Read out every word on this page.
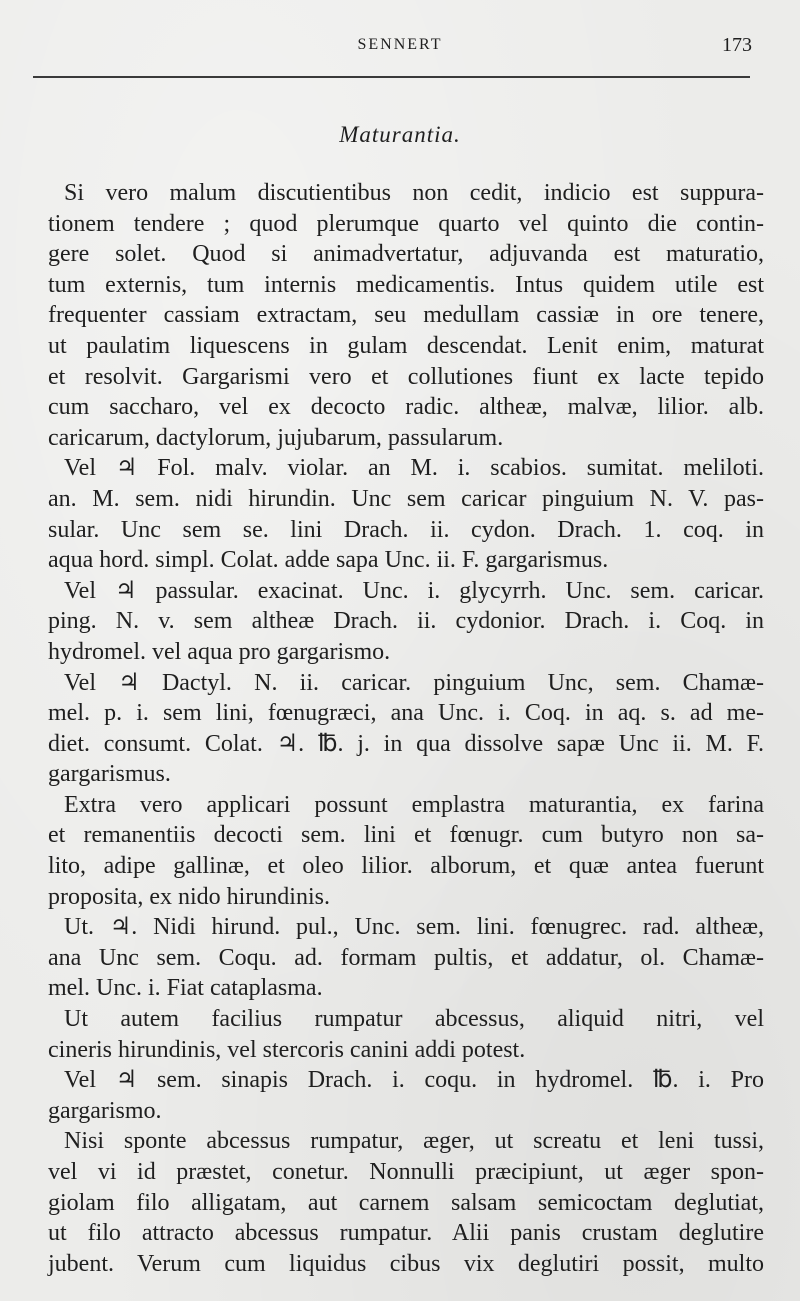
SENNERT	173
Maturantia.
Si vero malum discutientibus non cedit, indicio est suppura-
tionem tendere ; quod plerumque quarto vel quinto die contin-
gere solet. Quod si animadvertatur, adjuvanda est maturatio,
tum externis, tum internis medicamentis. Intus quidem utile est
frequenter cassiam extractam, seu medullam cassiæ in ore tenere,
ut paulatim liquescens in gulam descendat. Lenit enim, maturat
et resolvit. Gargarismi vero et collutiones fiunt ex lacte tepido
cum saccharo, vel ex decocto radic. altheæ, malvæ, lilior. alb.
caricarum, dactylorum, jujubarum, passularum.
Vel ♃ Fol. malv. violar. an M. i. scabios. sumitat. meliloti.
an. M. sem. nidi hirundin. Unc sem caricar pinguium N. V. pas-
sular. Unc sem se. lini Drach. ii. cydon. Drach. 1. coq. in
aqua hord. simpl. Colat. adde sapa Unc. ii. F. gargarismus.
Vel ♃ passular. exacinat. Unc. i. glycyrrh. Unc. sem. caricar.
ping. N. v. sem altheæ Drach. ii. cydonior. Drach. i. Coq. in
hydromel. vel aqua pro gargarismo.
Vel ♃ Dactyl. N. ii. caricar. pinguium Unc, sem. Chamæ-
mel. p. i. sem lini, fœnugræci, ana Unc. i. Coq. in aq. s. ad me-
diet. consumt. Colat. ♃. ℔. j. in qua dissolve sapæ Unc ii. M. F.
gargarismus.
Extra vero applicari possunt emplastra maturantia, ex farina
et remanentiis decocti sem. lini et fœnugr. cum butyro non sa-
lito, adipe gallinæ, et oleo lilior. alborum, et quæ antea fuerunt
proposita, ex nido hirundinis.
Ut. ♃. Nidi hirund. pul., Unc. sem. lini. fœnugrec. rad. altheæ,
ana Unc sem. Coqu. ad. formam pultis, et addatur, ol. Chamæ-
mel. Unc. i. Fiat cataplasma.
Ut autem facilius rumpatur abcessus, aliquid nitri, vel
cineris hirundinis, vel stercoris canini addi potest.
Vel ♃ sem. sinapis Drach. i. coqu. in hydromel. ℔. i. Pro
gargarismo.
Nisi sponte abcessus rumpatur, æger, ut screatu et leni tussi,
vel vi id præstet, conetur. Nonnulli præcipiunt, ut æger spon-
giolam filo alligatam, aut carnem salsam semicoctam deglutiat,
ut filo attracto abcessus rumpatur. Alii panis crustam deglutire
jubent. Verum cum liquidus cibus vix deglutiri possit, multo
